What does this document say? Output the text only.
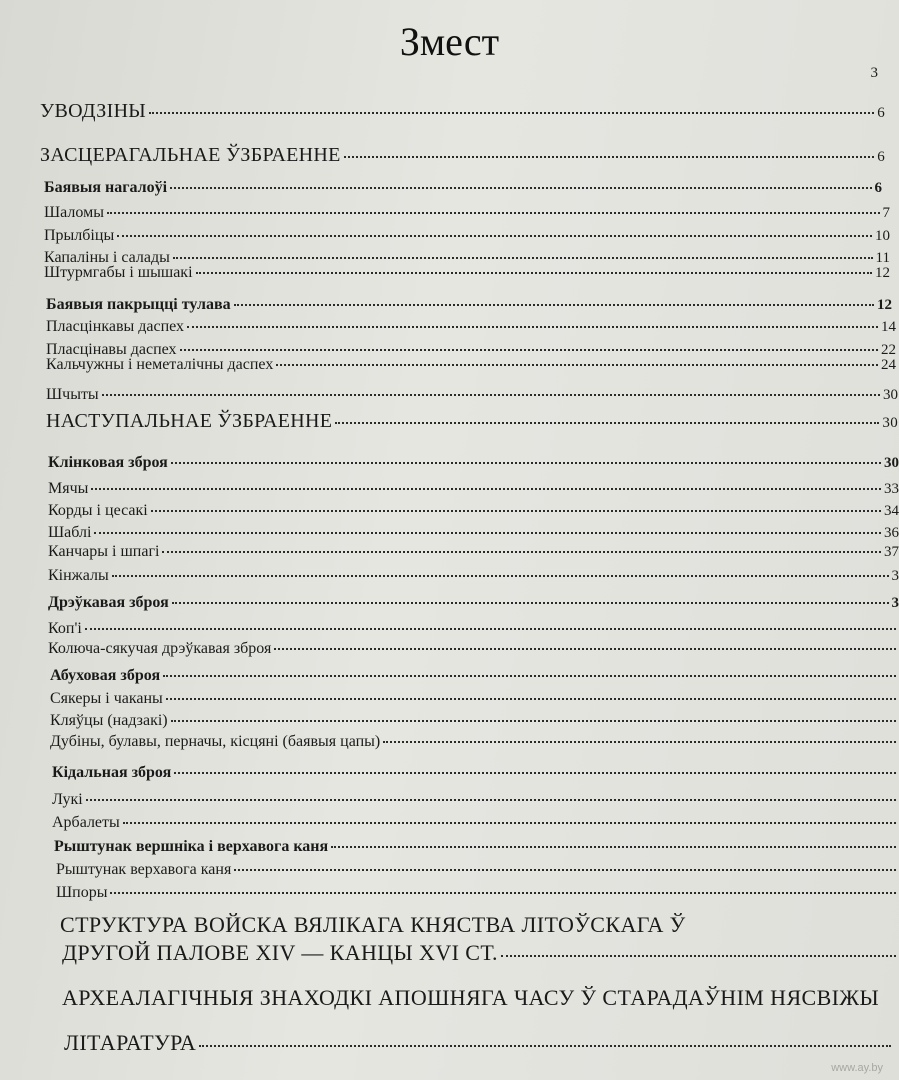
Змест
3
УВОДЗІНЫ	6
ЗАСЦЕРАГАЛЬНАЕ ЎЗБРАЕННЕ	6
Баявыя нагалоўі	6
Шаломы	7
Прылбіцы	10
Капаліны і салады	11
Штурмгабы і шышакі	12
Баявыя пакрыцці тулава	12
Пласцінкавы даспех	14
Пласцінавы даспех	22
Кальчужны і неметалічны даспех	24
Шчыты	30
НАСТУПАЛЬНАЕ ЎЗБРАЕННЕ	30
Клінковая зброя	30
Мячы	33
Корды і цесакі	34
Шаблі	36
Канчары і шпагі	37
Кінжалы	3
Дрэўкавая зброя	3
Коп'і
Колюча-сякучая дрэўкавая зброя
Абуховая зброя
Сякеры і чаканы
Кляўцы (надзакі)
Дубіны, булавы, перначы, кісцяні (баявыя цапы)
Кідальная зброя
Лукі
Арбалеты
Рыштунак вершніка і верхавога каня
Рыштунак верхавога каня
Шпоры
СТРУКТУРА ВОЙСКА ВЯЛІКАГА КНЯСТВА ЛІТОЎСКАГА Ў
ДРУГОЙ ПАЛОВЕ XIV — КАНЦЫ XVI СТ.
АРХЕАЛАГІЧНЫЯ ЗНАХОДКІ АПОШНЯГА ЧАСУ Ў СТАРАДАЎНІМ НЯСВІЖЫ
ЛІТАРАТУРА
www.ay.by
